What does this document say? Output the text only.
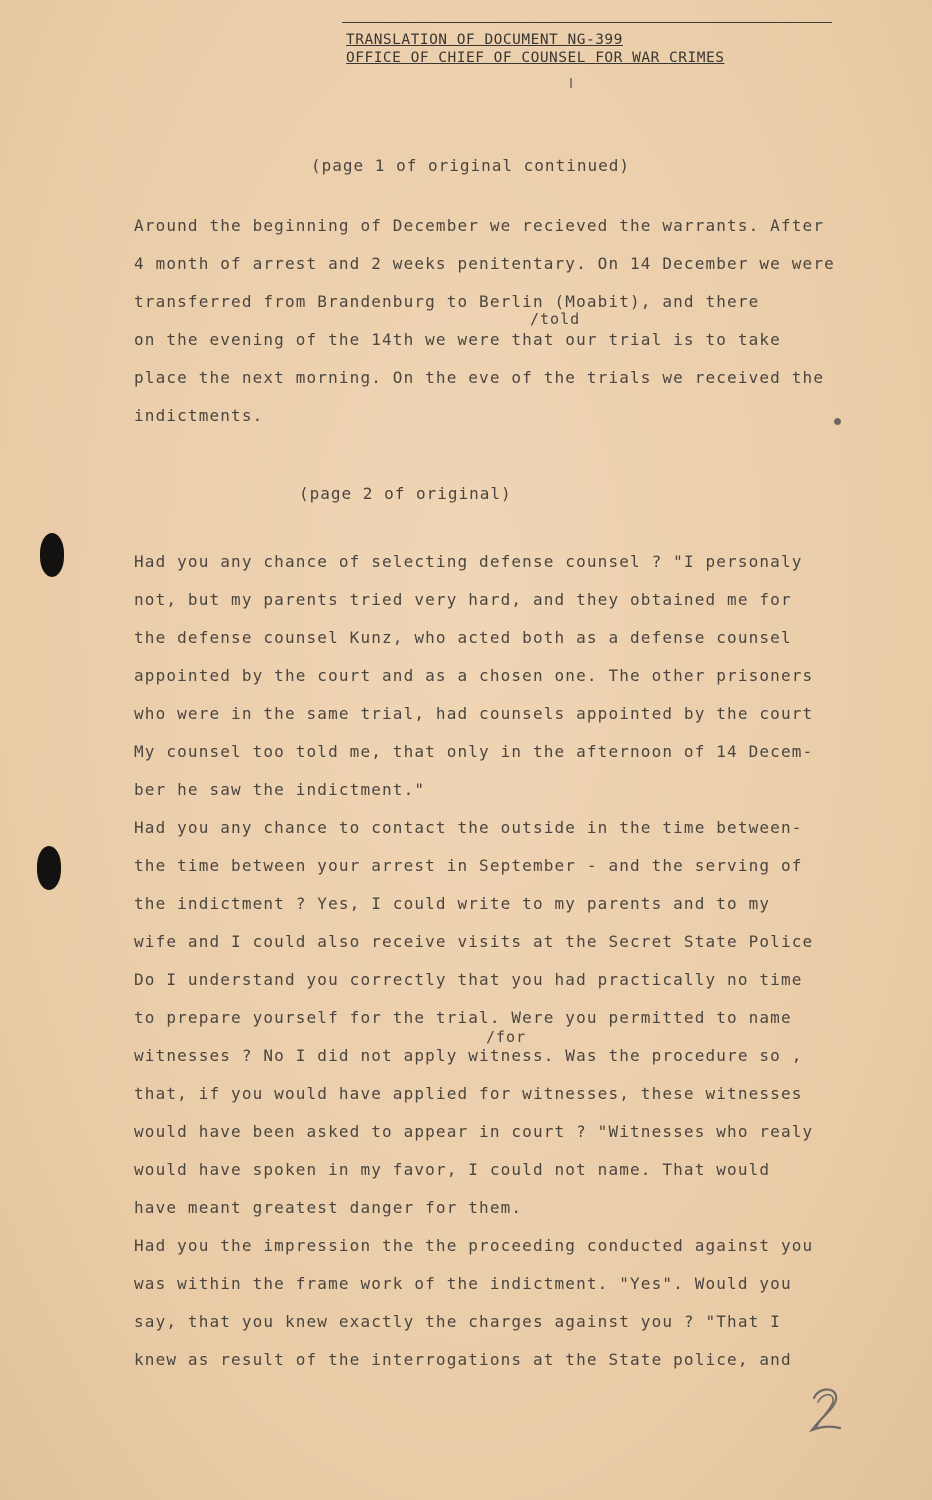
TRANSLATION OF DOCUMENT NG-399
OFFICE OF CHIEF OF COUNSEL FOR WAR CRIMES
(page 1 of original continued)
Around the beginning of December we recieved the warrants. After
4 month of arrest and 2 weeks penitentary. On 14 December we were
transferred from Brandenburg to Berlin (Moabit), and there
on the evening of the 14th we were that our trial is to take
place the next morning. On the eve of the trials we received the
indictments.
/told
(page 2 of original)
Had you any chance of selecting defense counsel ? "I personaly
not, but my parents tried very hard, and they obtained me for
the defense counsel Kunz, who acted both as a defense counsel
appointed by the court and as a chosen one. The other prisoners
who were in the same trial, had counsels appointed by the court
My counsel too told me, that only in the afternoon of 14 Decem-
ber he saw the indictment."
Had you any chance to contact the outside in the time between-
the time between your arrest in September - and the serving of
the indictment ? Yes, I could write to my parents and to my
wife and I could also receive visits at the Secret State Police
Do I understand you correctly that you had practically no time
to prepare yourself for the trial. Were you permitted to name
witnesses ? No I did not apply witness. Was the procedure so ,
that, if you would have applied for witnesses, these witnesses
would have been asked to appear in court ? "Witnesses who realy
would have spoken in my favor, I could not name. That would
have meant greatest danger for them.
Had you the impression the the proceeding conducted against you
was within the frame work of the indictment. "Yes". Would you
say, that you knew exactly the charges against you ? "That I
knew as result of the interrogations at the State police, and
/for
